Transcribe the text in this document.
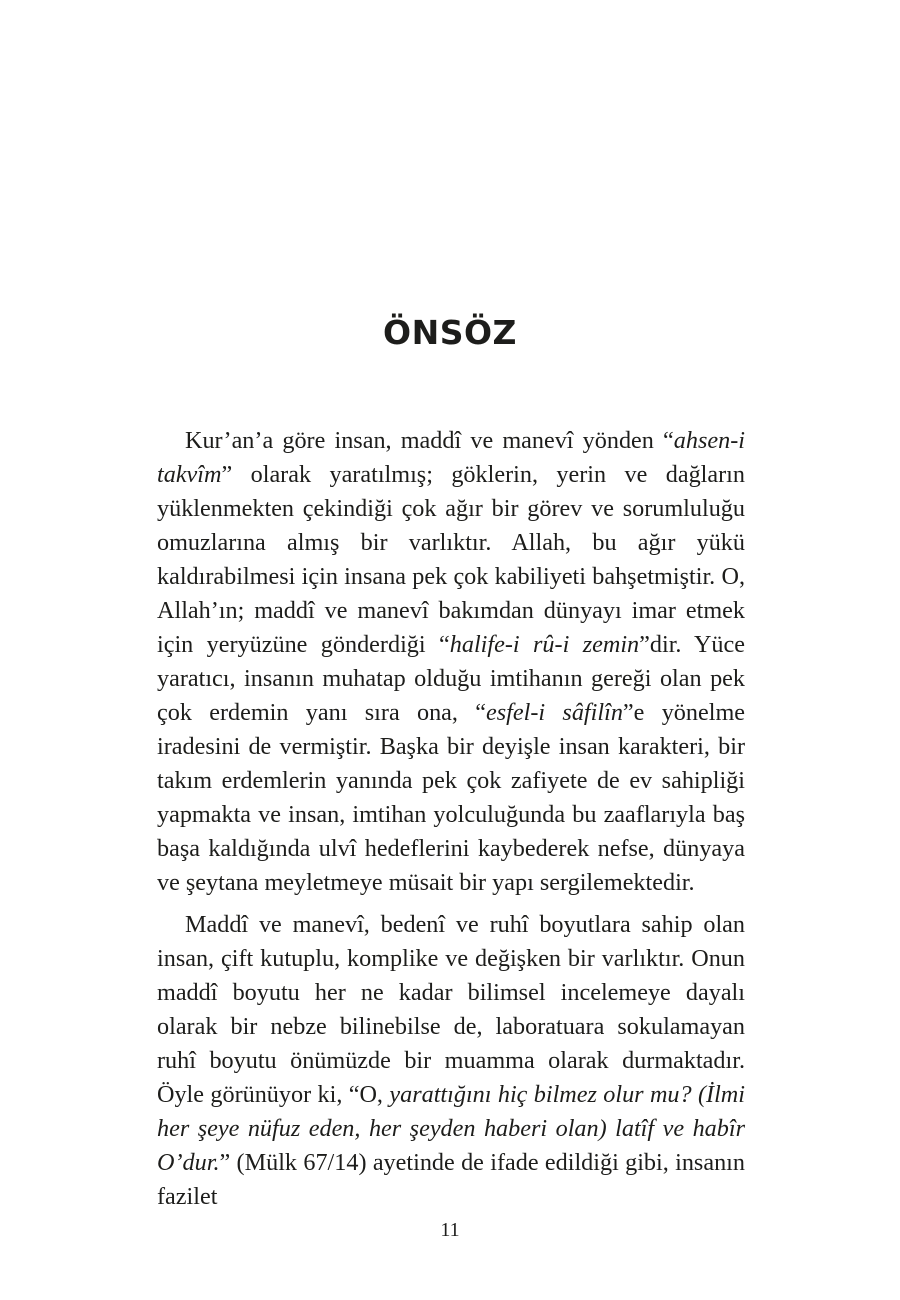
ÖNSÖZ

Kur’an’a göre insan, maddî ve manevî yönden “ahsen-i takvîm” olarak yaratılmış; göklerin, yerin ve dağların yüklenmekten çekindiği çok ağır bir görev ve sorumluluğu omuzlarına almış bir varlıktır. Allah, bu ağır yükü kaldırabilmesi için insana pek çok kabiliyeti bahşetmiştir. O, Allah’ın; maddî ve manevî bakımdan dünyayı imar etmek için yeryüzüne gönderdiği “halife-i rû-i zemin”dir. Yüce yaratıcı, insanın muhatap olduğu imtihanın gereği olan pek çok erdemin yanı sıra ona, “esfel-i sâfilîn”e yönelme iradesini de vermiştir. Başka bir deyişle insan karakteri, bir takım erdemlerin yanında pek çok zafiyete de ev sahipliği yapmakta ve insan, imtihan yolculuğunda bu zaaflarıyla baş başa kaldığında ulvî hedeflerini kaybederek nefse, dünyaya ve şeytana meyletmeye müsait bir yapı sergilemektedir.

Maddî ve manevî, bedenî ve ruhî boyutlara sahip olan insan, çift kutuplu, komplike ve değişken bir varlıktır. Onun maddî boyutu her ne kadar bilimsel incelemeye dayalı olarak bir nebze bilinebilse de, laboratuara sokulamayan ruhî boyutu önümüzde bir muamma olarak durmaktadır. Öyle görünüyor ki, “O, yarattığını hiç bilmez olur mu? (İlmi her şeye nüfuz eden, her şeyden haberi olan) latîf ve habîr O’dur.” (Mülk 67/14) ayetinde de ifade edildiği gibi, insanın fazilet

11
